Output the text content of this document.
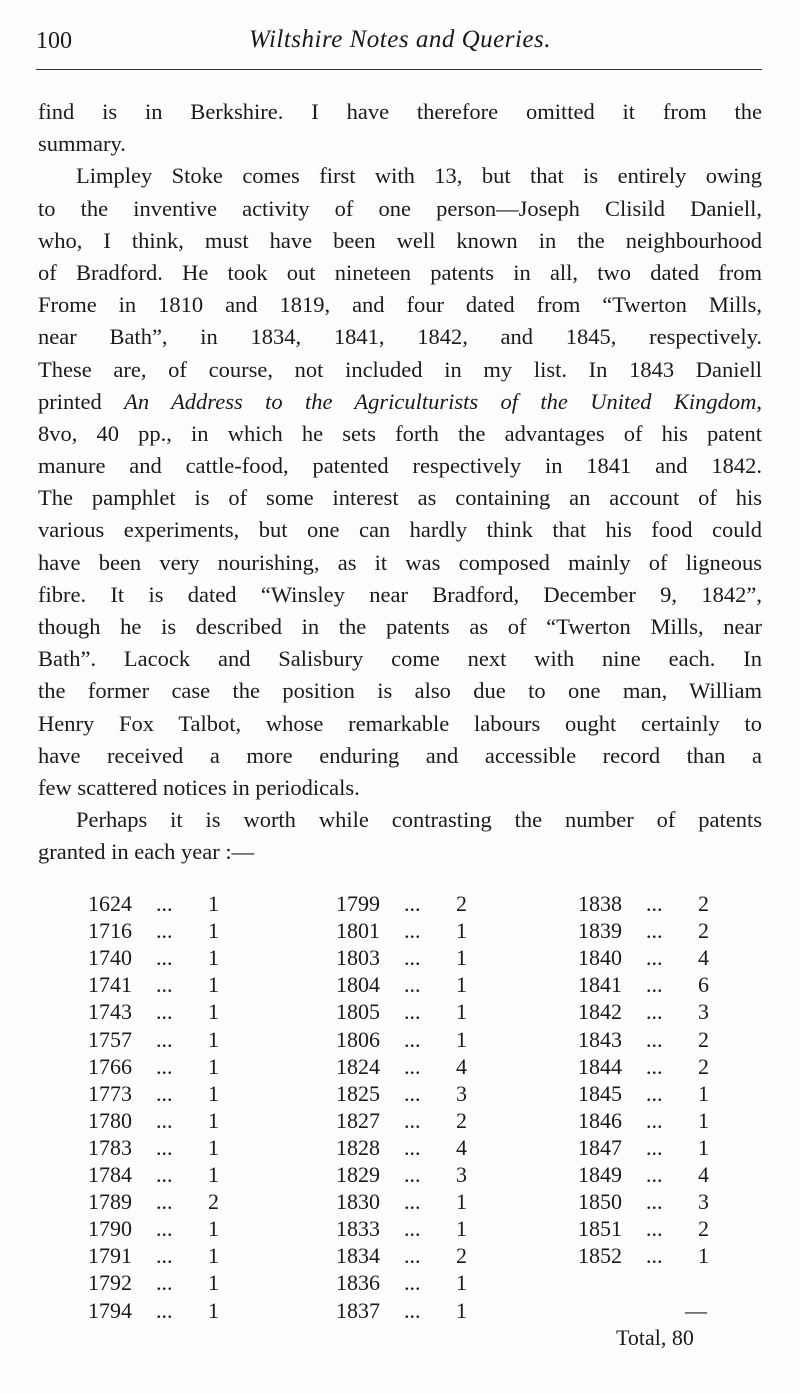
100	Wiltshire Notes and Queries.
find is in Berkshire. I have therefore omitted it from the
summary.
Limpley Stoke comes first with 13, but that is entirely owing
to the inventive activity of one person—Joseph Clisild Daniell,
who, I think, must have been well known in the neighbourhood
of Bradford. He took out nineteen patents in all, two dated from
Frome in 1810 and 1819, and four dated from “Twerton Mills,
near Bath”, in 1834, 1841, 1842, and 1845, respectively.
These are, of course, not included in my list. In 1843 Daniell
printed An Address to the Agriculturists of the United Kingdom,
8vo, 40 pp., in which he sets forth the advantages of his patent
manure and cattle-food, patented respectively in 1841 and 1842.
The pamphlet is of some interest as containing an account of his
various experiments, but one can hardly think that his food could
have been very nourishing, as it was composed mainly of ligneous
fibre. It is dated “Winsley near Bradford, December 9, 1842”,
though he is described in the patents as of “Twerton Mills, near
Bath”. Lacock and Salisbury come next with nine each. In
the former case the position is also due to one man, William
Henry Fox Talbot, whose remarkable labours ought certainly to
have received a more enduring and accessible record than a
few scattered notices in periodicals.
Perhaps it is worth while contrasting the number of patents
granted in each year :—
—
Total, 80
1624 ... 1
1716 ... 1
1740 ... 1
1741 ... 1
1743 ... 1
1757 ... 1
1766 ... 1
1773 ... 1
1780 ... 1
1783 ... 1
1784 ... 1
1789 ... 2
1790 ... 1
1791 ... 1
1792 ... 1
1794 ... 1
1799 ... 2
1801 ... 1
1803 ... 1
1804 ... 1
1805 ... 1
1806 ... 1
1824 ... 4
1825 ... 3
1827 ... 2
1828 ... 4
1829 ... 3
1830 ... 1
1833 ... 1
1834 ... 2
1836 ... 1
1837 ... 1
1838 ... 2
1839 ... 2
1840 ... 4
1841 ... 6
1842 ... 3
1843 ... 2
1844 ... 2
1845 ... 1
1846 ... 1
1847 ... 1
1849 ... 4
1850 ... 3
1851 ... 2
1852 ... 1
